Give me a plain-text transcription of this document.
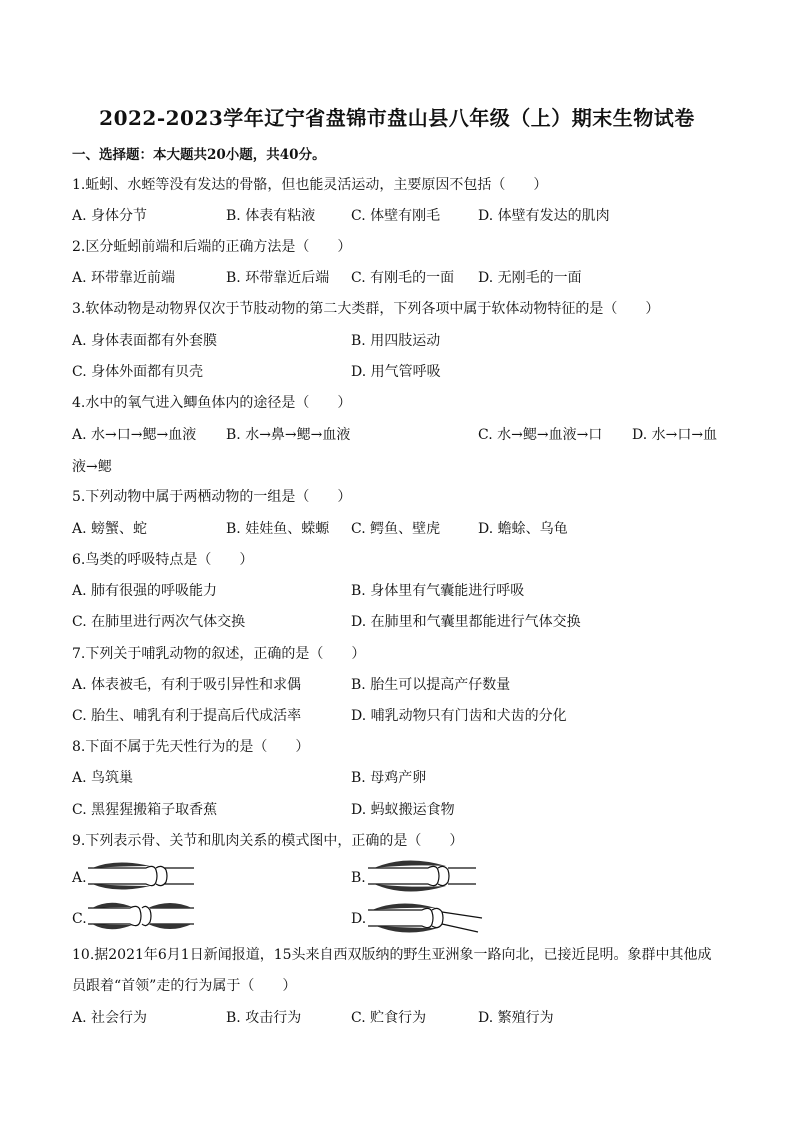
2022-2023学年辽宁省盘锦市盘山县八年级（上）期末生物试卷
一、选择题：本大题共20小题，共40分。
1.蚯蚓、水蛭等没有发达的骨骼，但也能灵活运动，主要原因不包括（　　）
A. 身体分节	B. 体表有粘液	C. 体壁有刚毛	D. 体壁有发达的肌肉
2.区分蚯蚓前端和后端的正确方法是（　　）
A. 环带靠近前端	B. 环带靠近后端 C. 有刚毛的一面 D. 无刚毛的一面
3.软体动物是动物界仅次于节肢动物的第二大类群，下列各项中属于软体动物特征的是（　　）
A. 身体表面都有外套膜	B. 用四肢运动
C. 身体外面都有贝壳	D. 用气管呼吸
4.水中的氧气进入鲫鱼体内的途径是（　　）
A. 水→口→鳃→血液 B. 水→鼻→鳃→血液	C. 水→鳃→血液→口	D. 水→口→血液→鳃
5.下列动物中属于两栖动物的一组是（　　）
A. 螃蟹、蛇	B. 娃娃鱼、蝾螈 C. 鳄鱼、壁虎	D. 蟾蜍、乌龟
6.鸟类的呼吸特点是（　　）
A. 肺有很强的呼吸能力	B. 身体里有气囊能进行呼吸
C. 在肺里进行两次气体交换	D. 在肺里和气囊里都能进行气体交换
7.下列关于哺乳动物的叙述，正确的是（　　）
A. 体表被毛，有利于吸引异性和求偶	B. 胎生可以提高产仔数量
C. 胎生、哺乳有利于提高后代成活率	D. 哺乳动物只有门齿和犬齿的分化
8.下面不属于先天性行为的是（　　）
A. 鸟筑巢	B. 母鸡产卵
C. 黑猩猩搬箱子取香蕉	D. 蚂蚁搬运食物
9.下列表示骨、关节和肌肉关系的模式图中，正确的是（　　）
A.	B.
C.	D.
10.据2021年6月1日新闻报道，15头来自西双版纳的野生亚洲象一路向北，已接近昆明。象群中其他成
员跟着“首领”走的行为属于（　　）
A. 社会行为	B. 攻击行为	C. 贮食行为	D. 繁殖行为
